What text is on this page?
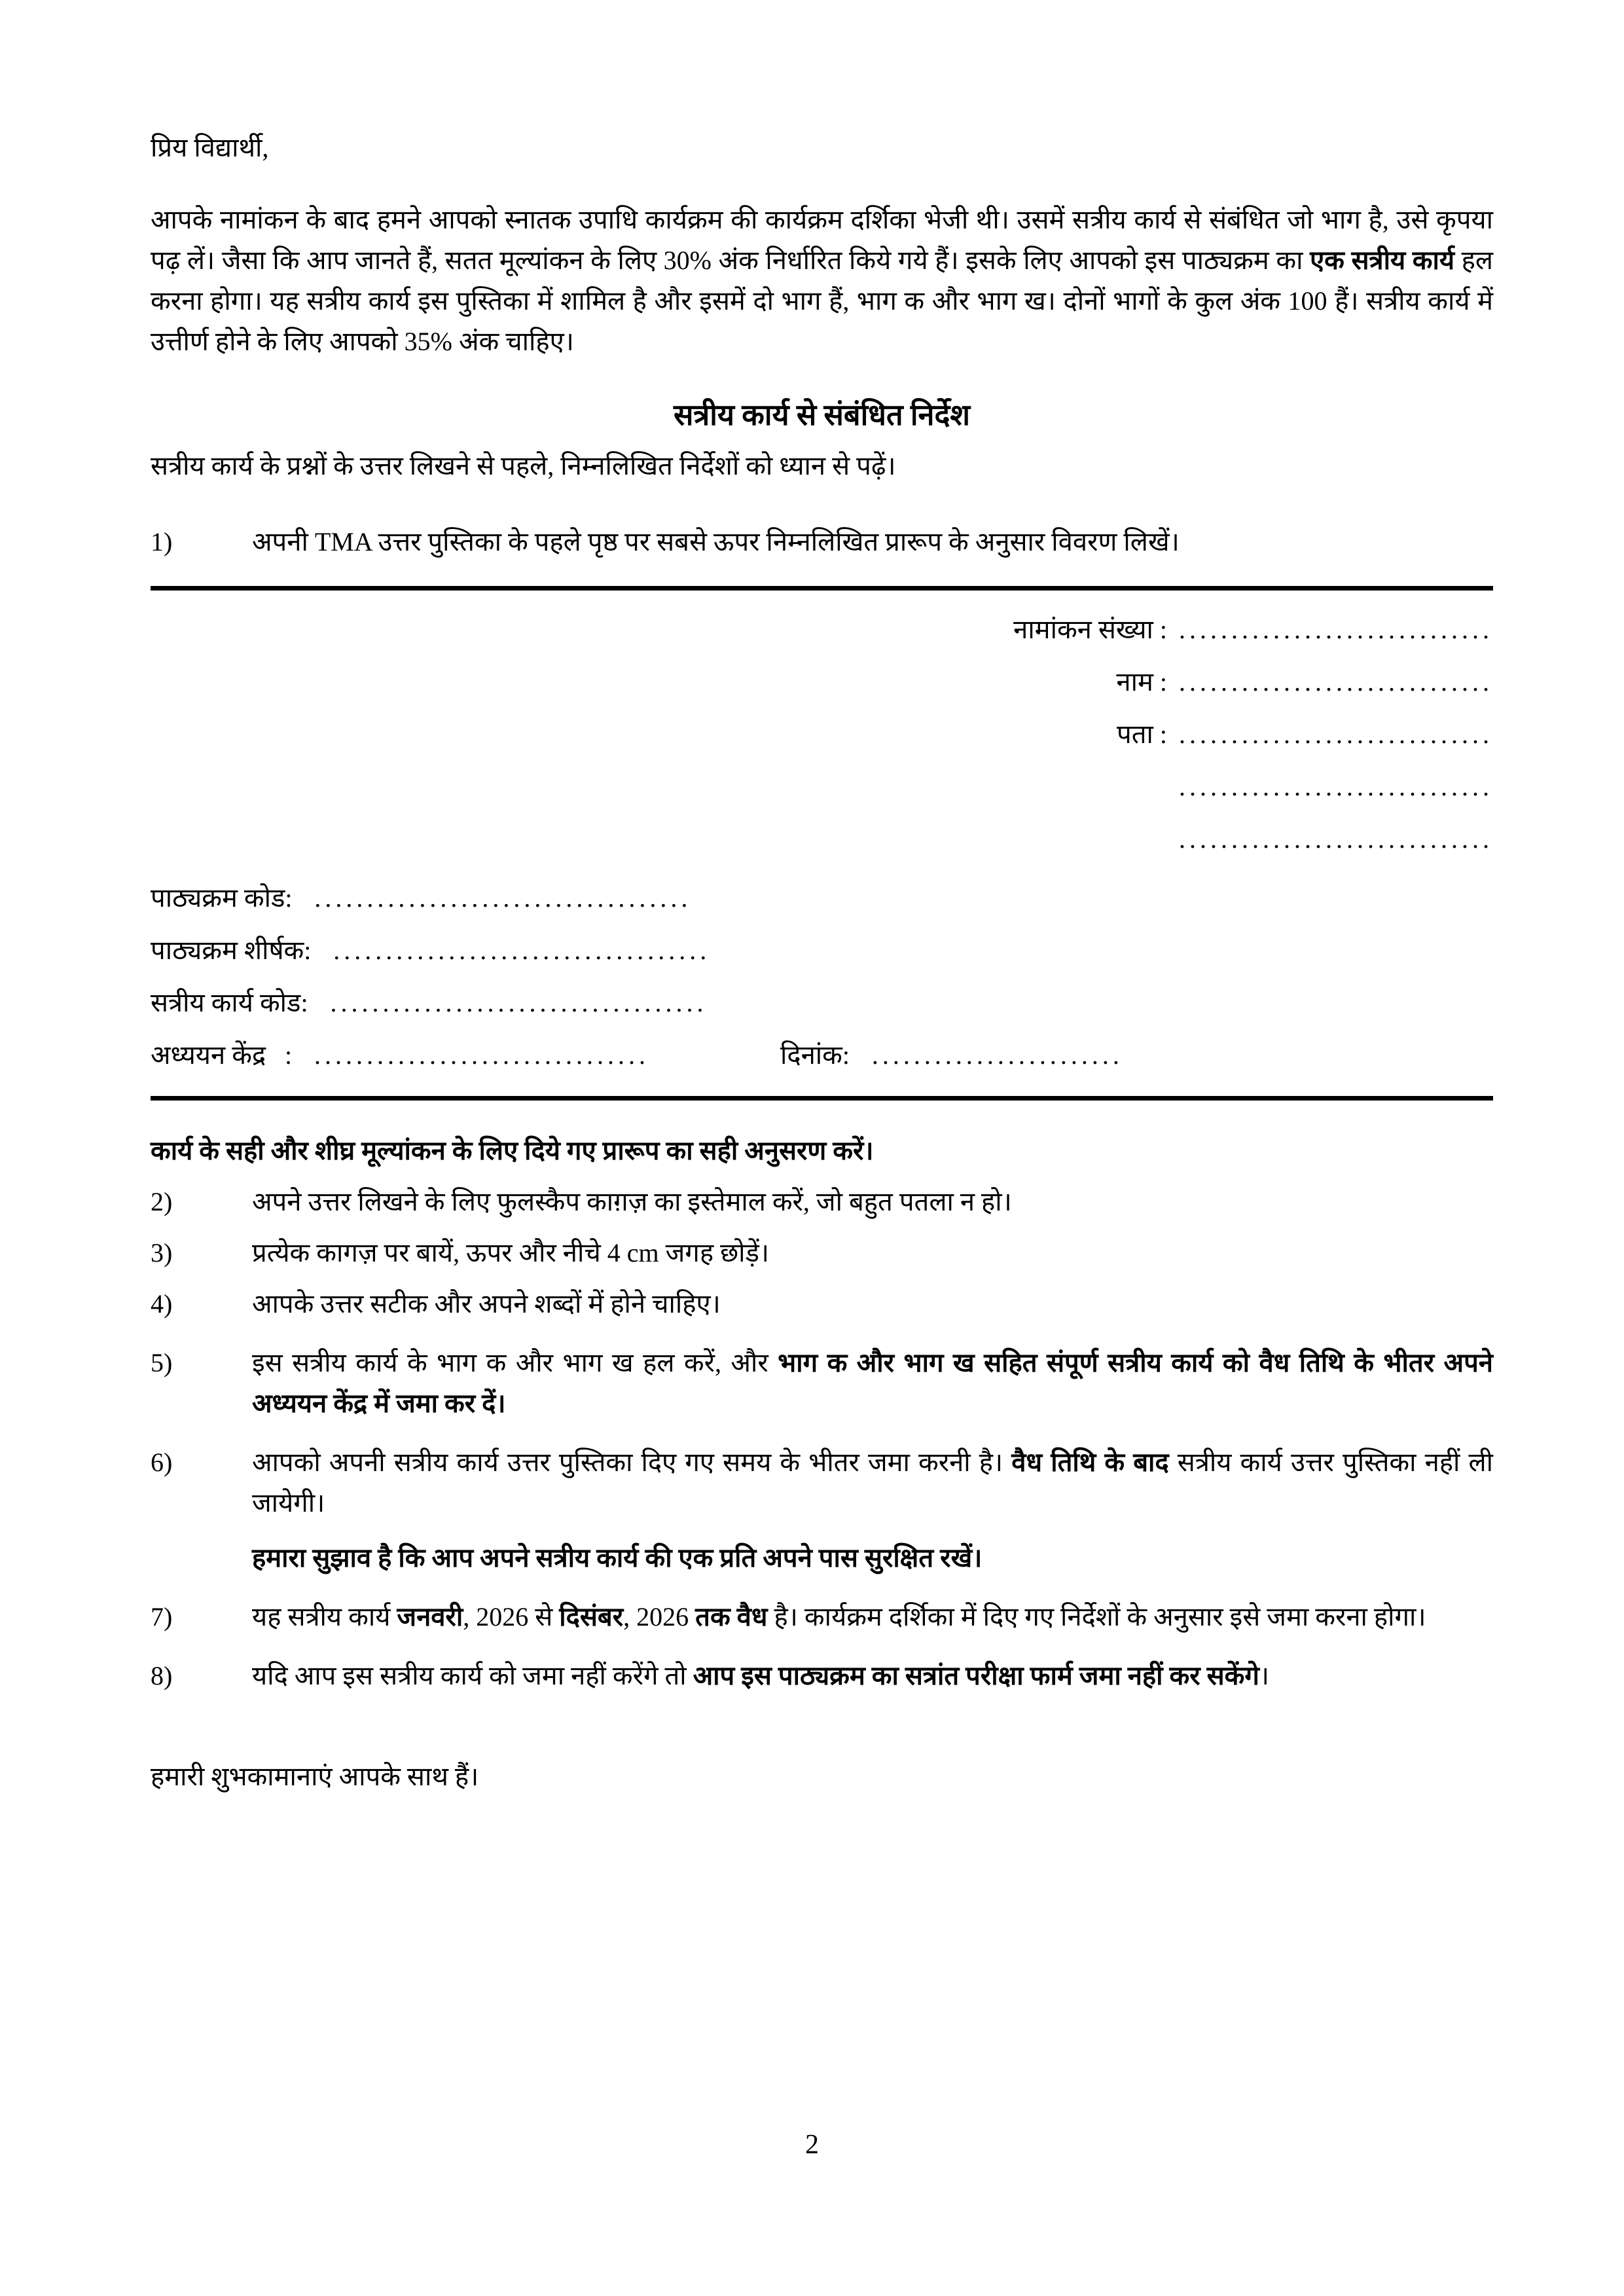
प्रिय विद्यार्थी,
आपके नामांकन के बाद हमने आपको स्नातक उपाधि कार्यक्रम की कार्यक्रम दर्शिका भेजी थी। उसमें सत्रीय कार्य से संबंधित जो भाग है, उसे कृपया पढ़ लें। जैसा कि आप जानते हैं, सतत मूल्यांकन के लिए 30% अंक निर्धारित किये गये हैं। इसके लिए आपको इस पाठ्यक्रम का एक सत्रीय कार्य हल करना होगा। यह सत्रीय कार्य इस पुस्तिका में शामिल है और इसमें दो भाग हैं, भाग क और भाग ख। दोनों भागों के कुल अंक 100 हैं। सत्रीय कार्य में उत्तीर्ण होने के लिए आपको 35% अंक चाहिए।
सत्रीय कार्य से संबंधित निर्देश
सत्रीय कार्य के प्रश्नों के उत्तर लिखने से पहले, निम्नलिखित निर्देशों को ध्यान से पढ़ें।
1)	अपनी TMA उत्तर पुस्तिका के पहले पृष्ठ पर सबसे ऊपर निम्नलिखित प्रारूप के अनुसार विवरण लिखें।
नामांकन संख्या : ..............................
नाम : ..............................
पता : ..............................
..............................
..............................
पाठ्यक्रम कोड : ....................................
पाठ्यक्रम शीर्षक : ....................................
सत्रीय कार्य कोड : ....................................
अध्ययन केंद्र : ................................	दिनांक : ........................
कार्य के सही और शीघ्र मूल्यांकन के लिए दिये गए प्रारूप का सही अनुसरण करें।
2)	अपने उत्तर लिखने के लिए फुलस्कैप काग़ज़ का इस्तेमाल करें, जो बहुत पतला न हो।
3)	प्रत्येक कागज़ पर बायें, ऊपर और नीचे 4 cm जगह छोड़ें।
4)	आपके उत्तर सटीक और अपने शब्दों में होने चाहिए।
5)	इस सत्रीय कार्य के भाग क और भाग ख हल करें, और भाग क और भाग ख सहित संपूर्ण सत्रीय कार्य को वैध तिथि के भीतर अपने अध्ययन केंद्र में जमा कर दें।
6)	आपको अपनी सत्रीय कार्य उत्तर पुस्तिका दिए गए समय के भीतर जमा करनी है। वैध तिथि के बाद सत्रीय कार्य उत्तर पुस्तिका नहीं ली जायेगी।
हमारा सुझाव है कि आप अपने सत्रीय कार्य की एक प्रति अपने पास सुरक्षित रखें।
7)	यह सत्रीय कार्य जनवरी, 2026 से दिसंबर, 2026 तक वैध है। कार्यक्रम दर्शिका में दिए गए निर्देशों के अनुसार इसे जमा करना होगा।
8)	यदि आप इस सत्रीय कार्य को जमा नहीं करेंगे तो आप इस पाठ्यक्रम का सत्रांत परीक्षा फार्म जमा नहीं कर सकेंगे।
हमारी शुभकामानाएं आपके साथ हैं।
2
